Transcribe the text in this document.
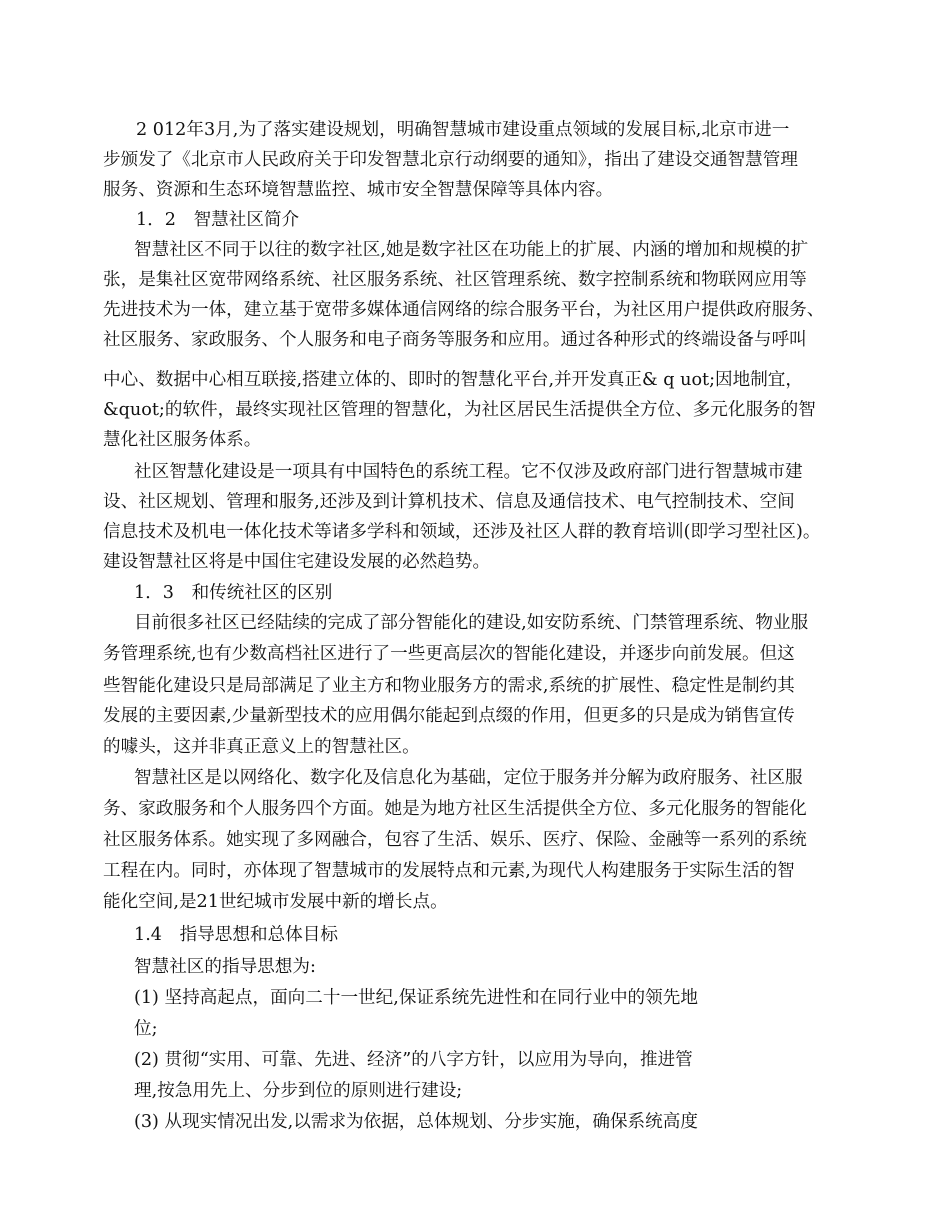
2 012年3月,为了落实建设规划，明确智慧城市建设重点领域的发展目标,北京市进一
步颁发了《北京市人民政府关于印发智慧北京行动纲要的通知》，指出了建设交通智慧管理
服务、资源和生态环境智慧监控、城市安全智慧保障等具体内容。
1．2　智慧社区简介
智慧社区不同于以往的数字社区,她是数字社区在功能上的扩展、内涵的增加和规模的扩
张，是集社区宽带网络系统、社区服务系统、社区管理系统、数字控制系统和物联网应用等
先进技术为一体，建立基于宽带多媒体通信网络的综合服务平台，为社区用户提供政府服务、
社区服务、家政服务、个人服务和电子商务等服务和应用。通过各种形式的终端设备与呼叫
中心、数据中心相互联接,搭建立体的、即时的智慧化平台,并开发真正& q uot;因地制宜，
&quot;的软件，最终实现社区管理的智慧化，为社区居民生活提供全方位、多元化服务的智
慧化社区服务体系。
社区智慧化建设是一项具有中国特色的系统工程。它不仅涉及政府部门进行智慧城市建
设、社区规划、管理和服务,还涉及到计算机技术、信息及通信技术、电气控制技术、空间
信息技术及机电一体化技术等诸多学科和领域，还涉及社区人群的教育培训(即学习型社区)。
建设智慧社区将是中国住宅建设发展的必然趋势。
1．3　和传统社区的区别
目前很多社区已经陆续的完成了部分智能化的建设,如安防系统、门禁管理系统、物业服
务管理系统,也有少数高档社区进行了一些更高层次的智能化建设，并逐步向前发展。但这
些智能化建设只是局部满足了业主方和物业服务方的需求,系统的扩展性、稳定性是制约其
发展的主要因素,少量新型技术的应用偶尔能起到点缀的作用，但更多的只是成为销售宣传
的噱头，这并非真正意义上的智慧社区。
智慧社区是以网络化、数字化及信息化为基础，定位于服务并分解为政府服务、社区服
务、家政服务和个人服务四个方面。她是为地方社区生活提供全方位、多元化服务的智能化
社区服务体系。她实现了多网融合，包容了生活、娱乐、医疗、保险、金融等一系列的系统
工程在内。同时，亦体现了智慧城市的发展特点和元素,为现代人构建服务于实际生活的智
能化空间,是21世纪城市发展中新的增长点。
1.4　指导思想和总体目标
智慧社区的指导思想为:
(1) 坚持高起点，面向二十一世纪,保证系统先进性和在同行业中的领先地
位;
(2) 贯彻“实用、可靠、先进、经济”的八字方针，以应用为导向，推进管
理,按急用先上、分步到位的原则进行建设;
(3) 从现实情况出发,以需求为依据，总体规划、分步实施，确保系统高度
